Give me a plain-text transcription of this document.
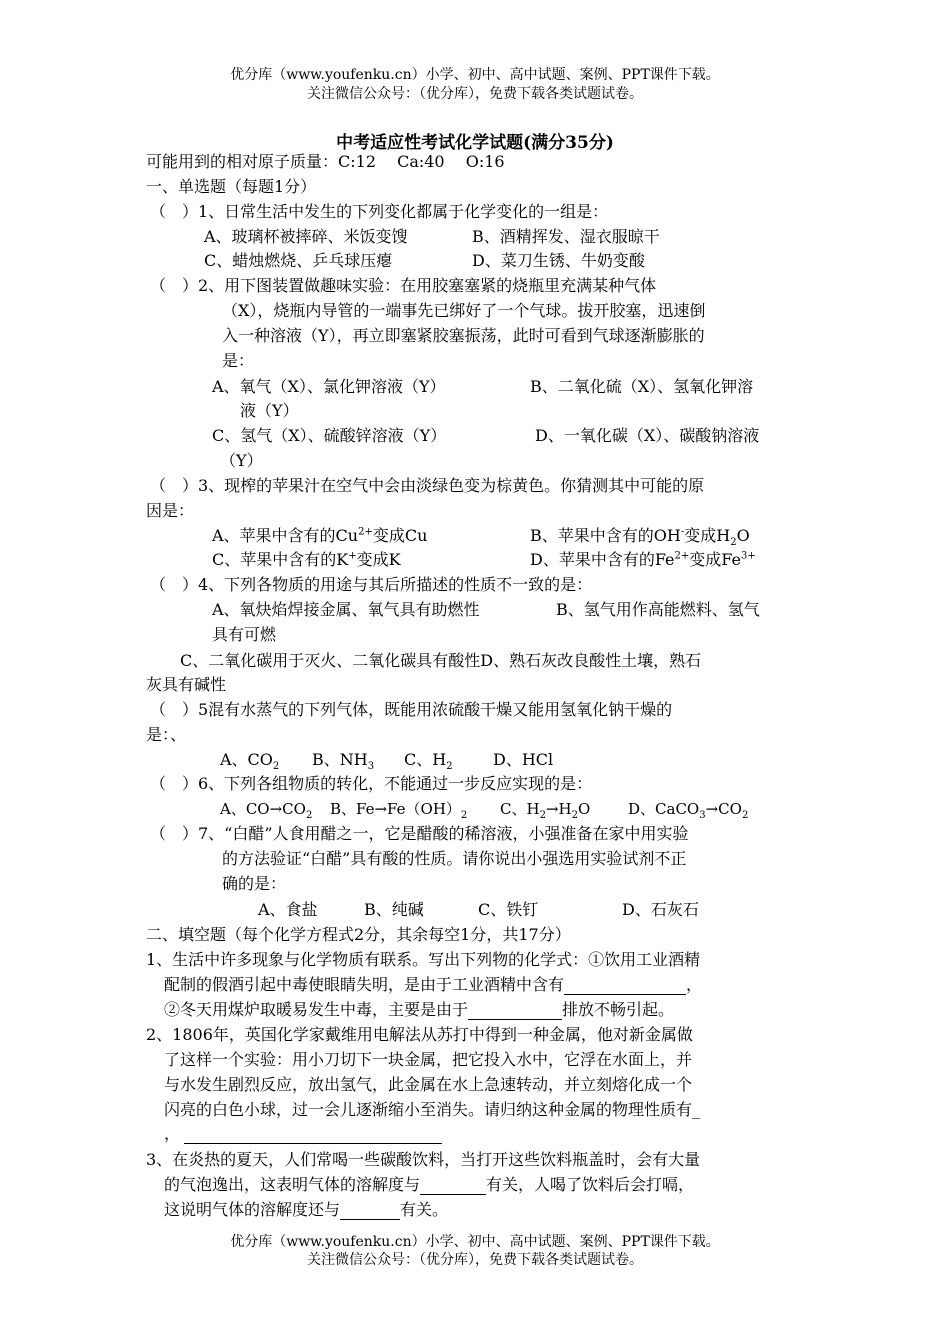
优分库（www.youfenku.cn）小学、初中、高中试题、案例、PPT课件下载。
关注微信公众号：（优分库），免费下载各类试题试卷。
中考适应性考试化学试题(满分35分)
可能用到的相对原子质量：C:12　 Ca:40　 O:16
一、单选题（每题1分）
（　）1、日常生活中发生的下列变化都属于化学变化的一组是：
A、玻璃杯被摔碎、米饭变馊	B、酒精挥发、湿衣服晾干
C、蜡烛燃烧、乒乓球压瘪	D、菜刀生锈、牛奶变酸
（　）2、用下图装置做趣味实验：在用胶塞塞紧的烧瓶里充满某种气体
（X），烧瓶内导管的一端事先已绑好了一个气球。拔开胶塞，迅速倒
入一种溶液（Y），再立即塞紧胶塞振荡，此时可看到气球逐渐膨胀的
是：
A、氧气（X）、氯化钾溶液（Y）	B、二氧化硫（X）、氢氧化钾溶
液（Y）
C、氢气（X）、硫酸锌溶液（Y）	D、一氧化碳（X）、碳酸钠溶液
（Y）
（　）3、现榨的苹果汁在空气中会由淡绿色变为棕黄色。你猜测其中可能的原
因是：
A、苹果中含有的$Cu^{2+}$变成Cu	B、苹果中含有的OH-变成$H_2O$
C、苹果中含有的K+变成K	D、苹果中含有的$Fe^{2+}$变成$Fe^{3+}$
（　）4、下列各物质的用途与其后所描述的性质不一致的是：
A、氧炔焰焊接金属、氧气具有助燃性	B、氢气用作高能燃料、氢气
具有可燃
C、二氧化碳用于灭火、二氧化碳具有酸性D、熟石灰改良酸性土壤，熟石
灰具有碱性
（　）5混有水蒸气的下列气体，既能用浓硫酸干燥又能用氢氧化钠干燥的
是：、
A、$CO_2$ B、$NH_3$ C、$H_2$	D、HCl
（　）6、下列各组物质的转化，不能通过一步反应实现的是：
A、$CO\to CO_2$ B、$Fe\to Fe(OH)_2$ C、$H_2\to H_2O$	D、$CaCO_3\to CO_2$
（　）7、“白醋”人食用醋之一，它是醋酸的稀溶液，小强准备在家中用实验
的方法验证“白醋”具有酸的性质。请你说出小强选用实验试剂不正
确的是：
A、食盐	B、纯碱	C、铁钉	D、石灰石
二、填空题（每个化学方程式2分，其余每空1分，共17分）
1、生活中许多现象与化学物质有联系。写出下列物的化学式：①饮用工业酒精
配制的假酒引起中毒使眼睛失明，是由于工业酒精中含有	，
②冬天用煤炉取暖易发生中毒，主要是由于	排放不畅引起。
2、1806年，英国化学家戴维用电解法从苏打中得到一种金属，他对新金属做
了这样一个实验：用小刀切下一块金属，把它投入水中，它浮在水面上，并
与水发生剧烈反应，放出氢气，此金属在水上急速转动，并立刻熔化成一个
闪亮的白色小球，过一会儿逐渐缩小至消失。请归纳这种金属的物理性质有_
，
3、在炎热的夏天，人们常喝一些碳酸饮料，当打开这些饮料瓶盖时，会有大量
的气泡逸出，这表明气体的溶解度与	有关，人喝了饮料后会打嗝，
这说明气体的溶解度还与	有关。
优分库（www.youfenku.cn）小学、初中、高中试题、案例、PPT课件下载。
关注微信公众号：（优分库），免费下载各类试题试卷。
